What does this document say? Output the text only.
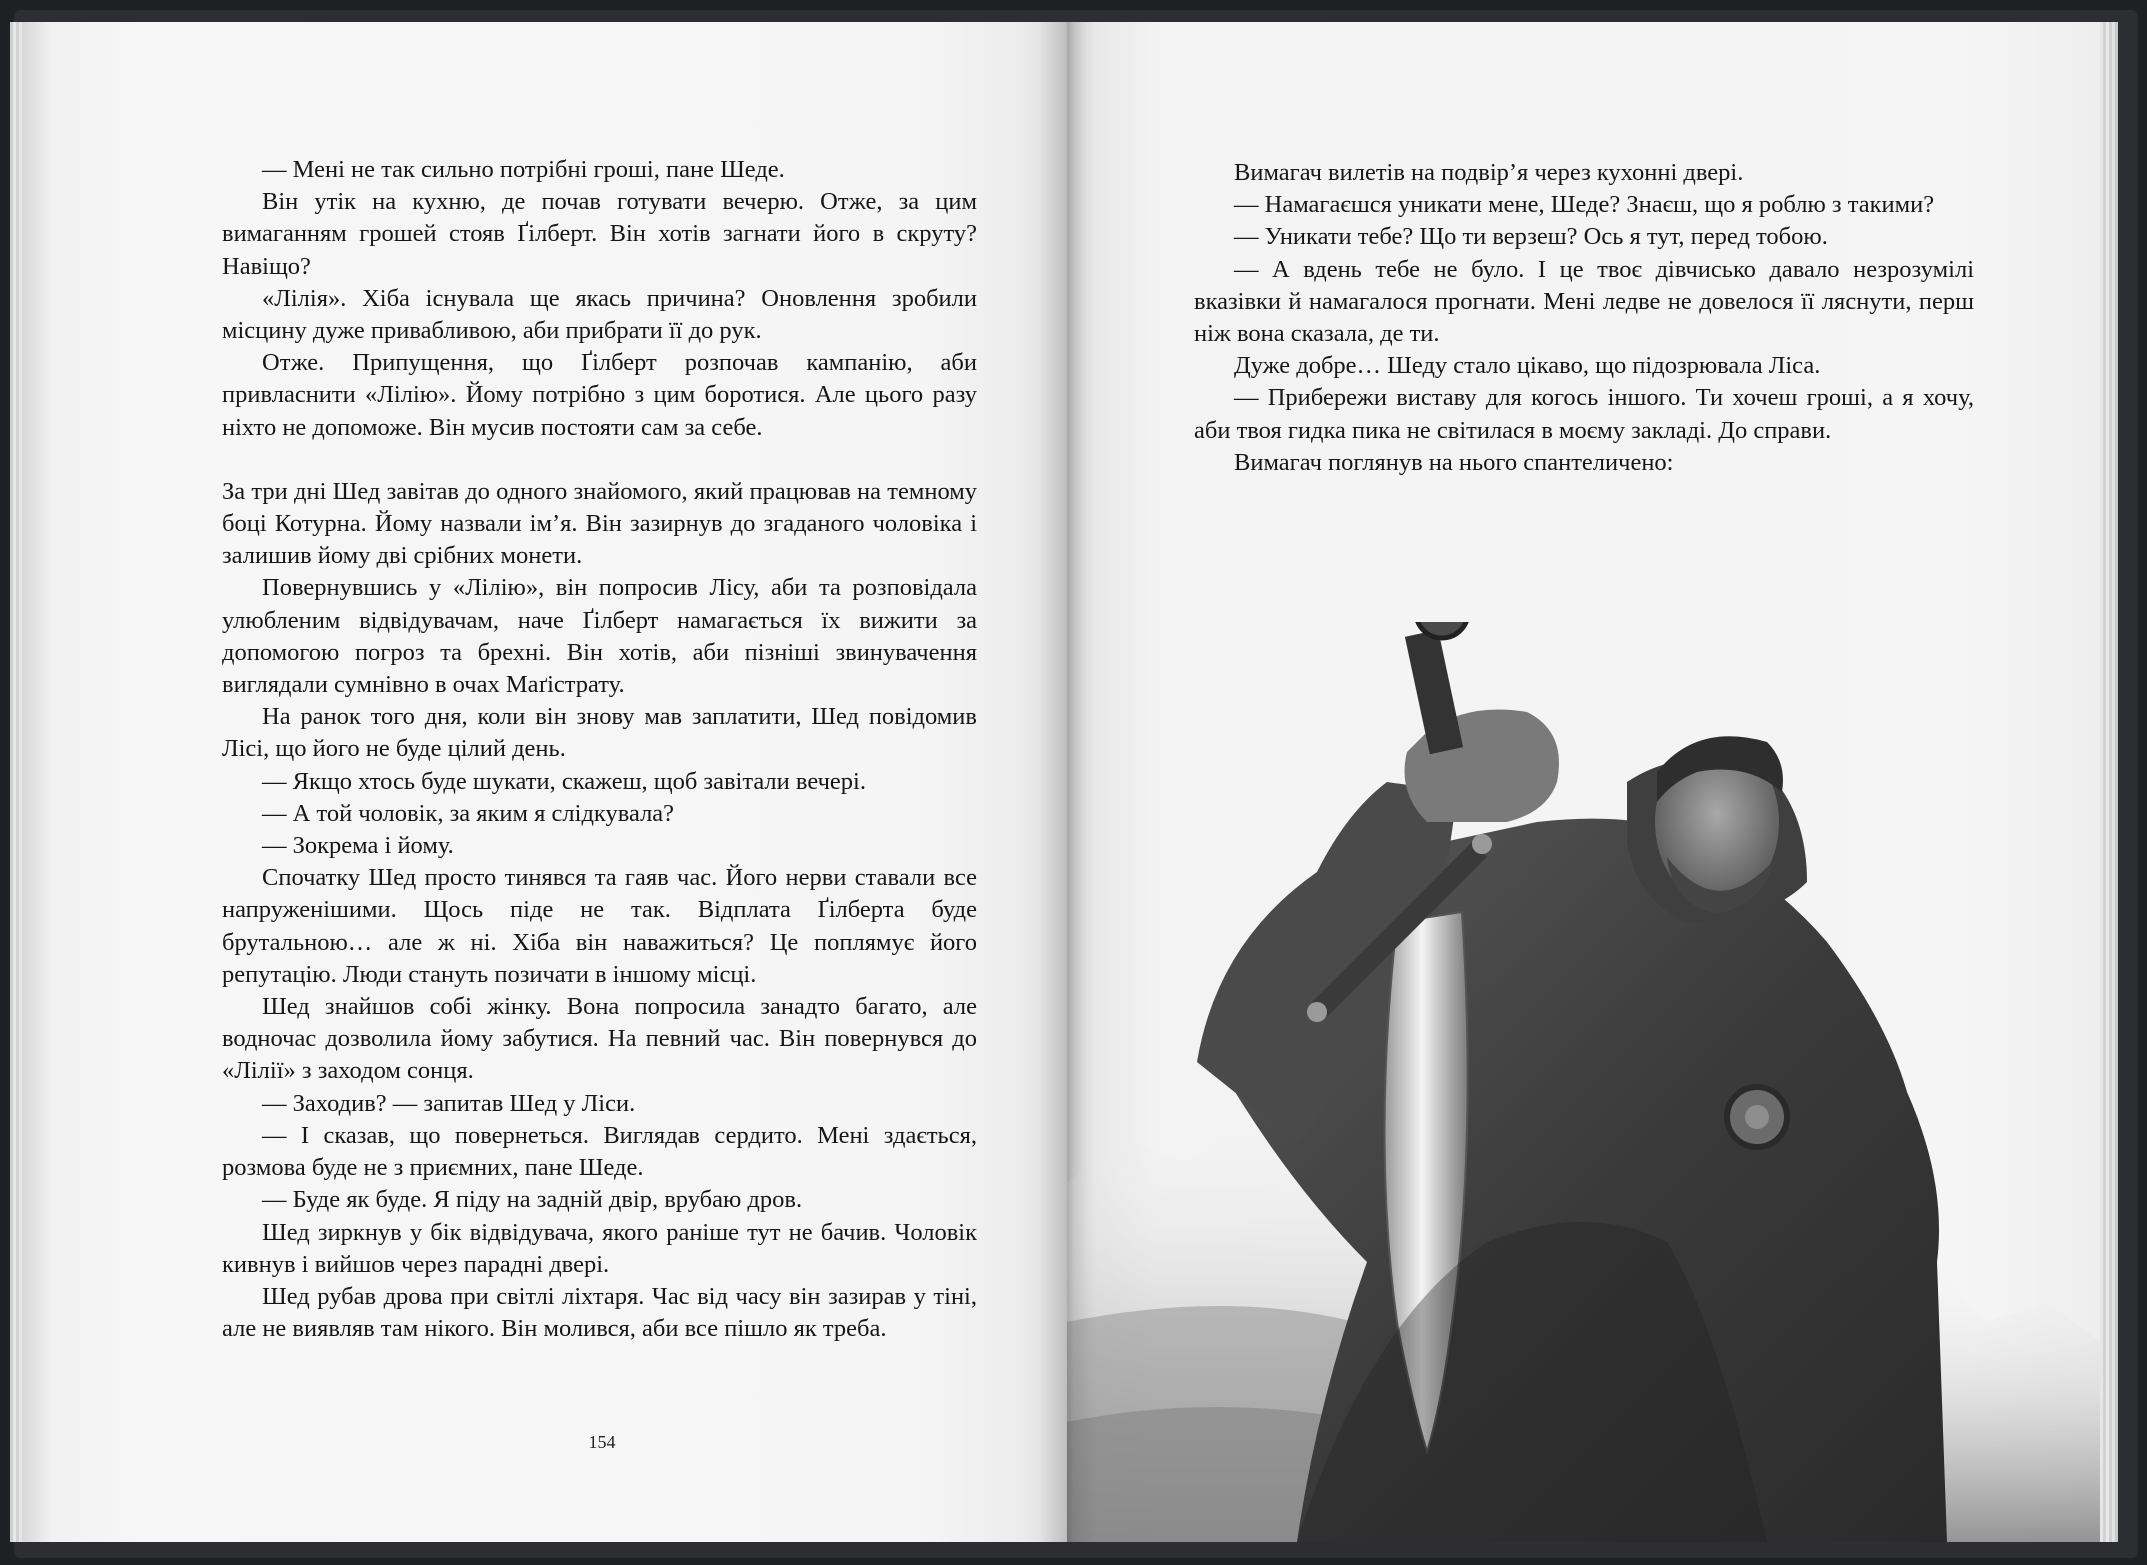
— Мені не так сильно потрібні гроші, пане Шеде.

Він утік на кухню, де почав готувати вечерю. Отже, за цим вимаганням грошей стояв Ґілберт. Він хотів загнати його в скруту? Навіщо?

«Лілія». Хіба існувала ще якась причина? Оновлення зробили місцину дуже привабливою, аби прибрати її до рук.

Отже. Припущення, що Ґілберт розпочав кампанію, аби привласнити «Лілію». Йому потрібно з цим боротися. Але цього разу ніхто не допоможе. Він мусив постояти сам за себе.

За три дні Шед завітав до одного знайомого, який працював на темному боці Котурна. Йому назвали ім’я. Він зазирнув до згаданого чоловіка і залишив йому дві срібних монети.

Повернувшись у «Лілію», він попросив Лісу, аби та розповідала улюбленим відвідувачам, наче Ґілберт намагається їх вижити за допомогою погроз та брехні. Він хотів, аби пізніші звинувачення виглядали сумнівно в очах Маґістрату.

На ранок того дня, коли він знову мав заплатити, Шед повідомив Лісі, що його не буде цілий день.

— Якщо хтось буде шукати, скажеш, щоб завітали вечері.

— А той чоловік, за яким я слідкувала?

— Зокрема і йому.

Спочатку Шед просто тинявся та гаяв час. Його нерви ставали все напруженішими. Щось піде не так. Відплата Ґілберта буде брутальною… але ж ні. Хіба він наважиться? Це поплямує його репутацію. Люди стануть позичати в іншому місці.

Шед знайшов собі жінку. Вона попросила занадто багато, але водночас дозволила йому забутися. На певний час. Він повернувся до «Лілії» з заходом сонця.

— Заходив? — запитав Шед у Ліси.

— І сказав, що повернеться. Виглядав сердито. Мені здається, розмова буде не з приємних, пане Шеде.

— Буде як буде. Я піду на задній двір, врубаю дров.

Шед зиркнув у бік відвідувача, якого раніше тут не бачив. Чоловік кивнув і вийшов через парадні двері.

Шед рубав дрова при світлі ліхтаря. Час від часу він зазирав у тіні, але не виявляв там нікого. Він молився, аби все пішло як треба.

154

Вимагач вилетів на подвір’я через кухонні двері.

— Намагаєшся уникати мене, Шеде? Знаєш, що я роблю з такими?

— Уникати тебе? Що ти верзеш? Ось я тут, перед тобою.

— А вдень тебе не було. І це твоє дівчисько давало незрозумілі вказівки й намагалося прогнати. Мені ледве не довелося її ляснути, перш ніж вона сказала, де ти.

Дуже добре… Шеду стало цікаво, що підозрювала Ліса.

— Прибережи виставу для когось іншого. Ти хочеш гроші, а я хочу, аби твоя гидка пика не світилася в моєму закладі. До справи.

Вимагач поглянув на нього спантеличено:
